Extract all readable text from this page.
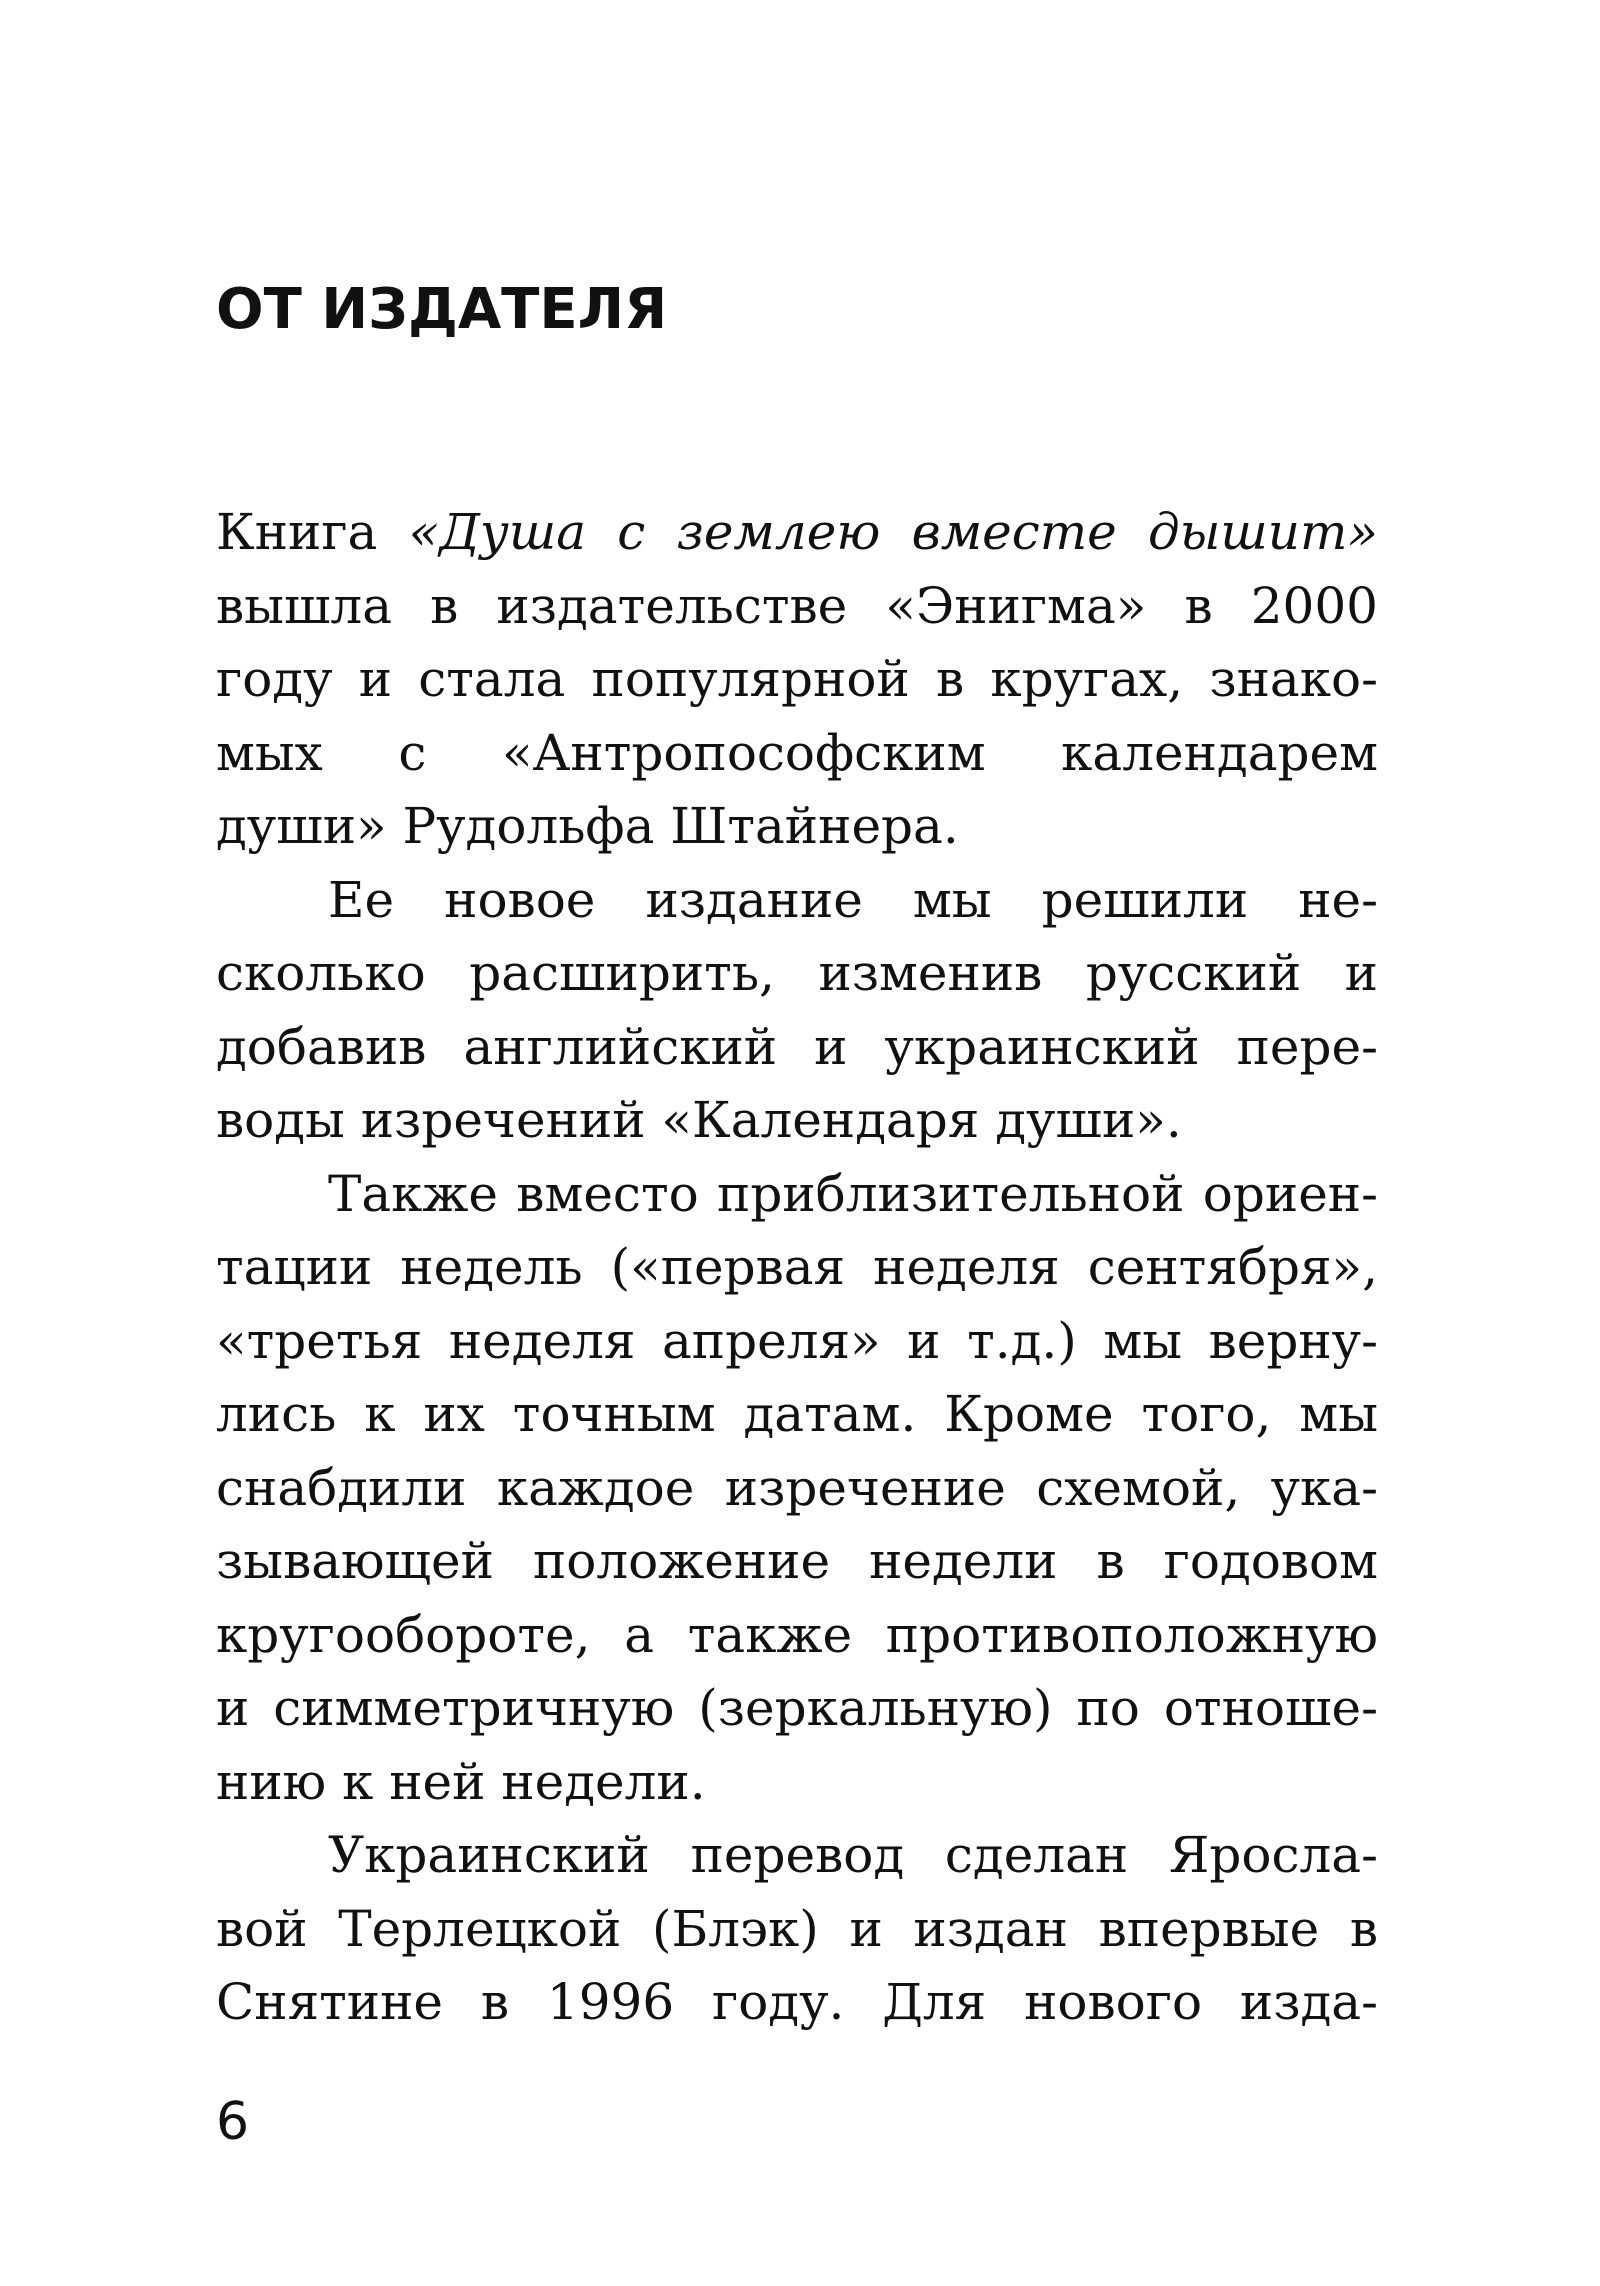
ОТ ИЗДАТЕЛЯ
Книга «Душа с землею вместе дышит»
вышла в издательстве «Энигма» в 2000
году и стала популярной в кругах, знако-
мых с «Антропософским календарем
души» Рудольфа Штайнера.
Ее новое издание мы решили не-
сколько расширить, изменив русский и
добавив английский и украинский пере-
воды изречений «Календаря души».
Также вместо приблизительной ориен-
тации недель («первая неделя сентября»,
«третья неделя апреля» и т.д.) мы верну-
лись к их точным датам. Кроме того, мы
снабдили каждое изречение схемой, ука-
зывающей положение недели в годовом
кругообороте, а также противоположную
и симметричную (зеркальную) по отноше-
нию к ней недели.
Украинский перевод сделан Яросла-
вой Терлецкой (Блэк) и издан впервые в
Снятине в 1996 году. Для нового изда-
6
